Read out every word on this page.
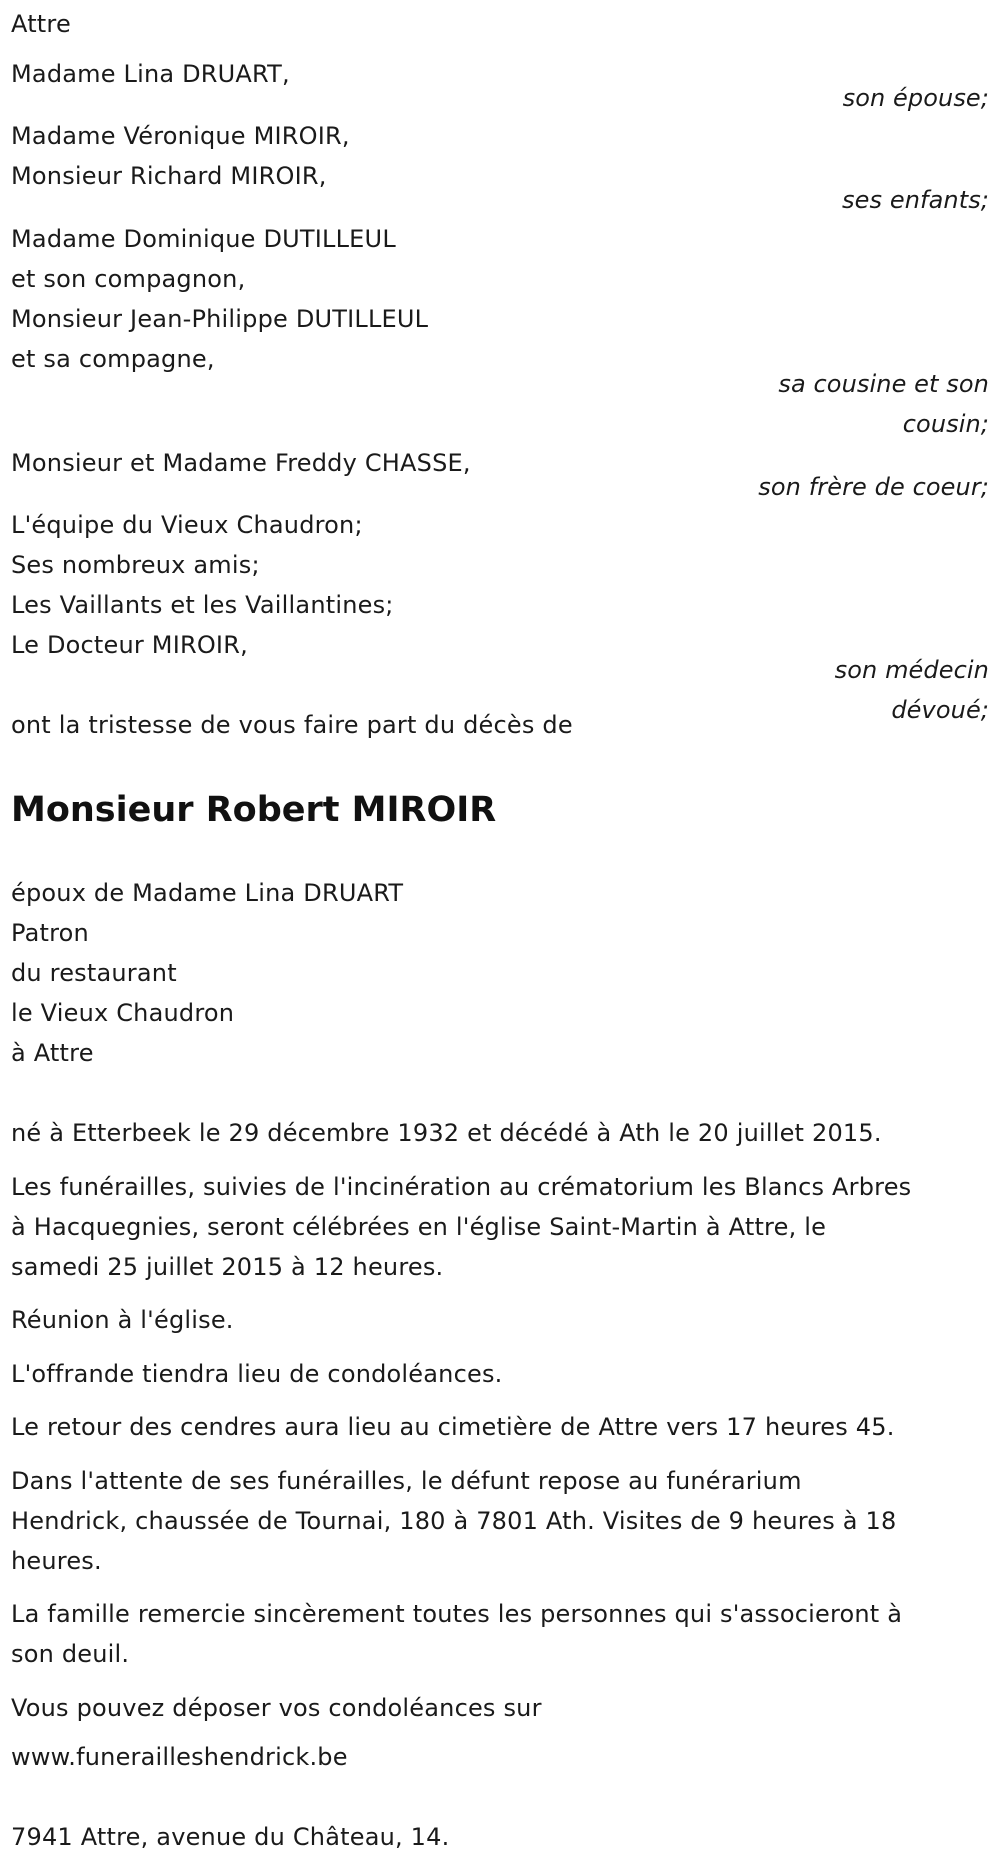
Attre
Madame Lina DRUART,
son épouse;
Madame Véronique MIROIR,
Monsieur Richard MIROIR,
ses enfants;
Madame Dominique DUTILLEUL
et son compagnon,
Monsieur Jean-Philippe DUTILLEUL
et sa compagne,
sa cousine et son
cousin;
Monsieur et Madame Freddy CHASSE,
son frère de coeur;
L'équipe du Vieux Chaudron;
Ses nombreux amis;
Les Vaillants et les Vaillantines;
Le Docteur MIROIR,
son médecin
dévoué;
ont la tristesse de vous faire part du décès de
Monsieur Robert MIROIR
époux de Madame Lina DRUART
Patron
du restaurant
le Vieux Chaudron
à Attre
né à Etterbeek le 29 décembre 1932 et décédé à Ath le 20 juillet 2015.
Les funérailles, suivies de l'incinération au crématorium les Blancs Arbres
à Hacquegnies, seront célébrées en l'église Saint-Martin à Attre, le
samedi 25 juillet 2015 à 12 heures.
Réunion à l'église.
L'offrande tiendra lieu de condoléances.
Le retour des cendres aura lieu au cimetière de Attre vers 17 heures 45.
Dans l'attente de ses funérailles, le défunt repose au funérarium
Hendrick, chaussée de Tournai, 180 à 7801 Ath. Visites de 9 heures à 18
heures.
La famille remercie sincèrement toutes les personnes qui s'associeront à
son deuil.
Vous pouvez déposer vos condoléances sur
www.funerailleshendrick.be
7941 Attre, avenue du Château, 14.
